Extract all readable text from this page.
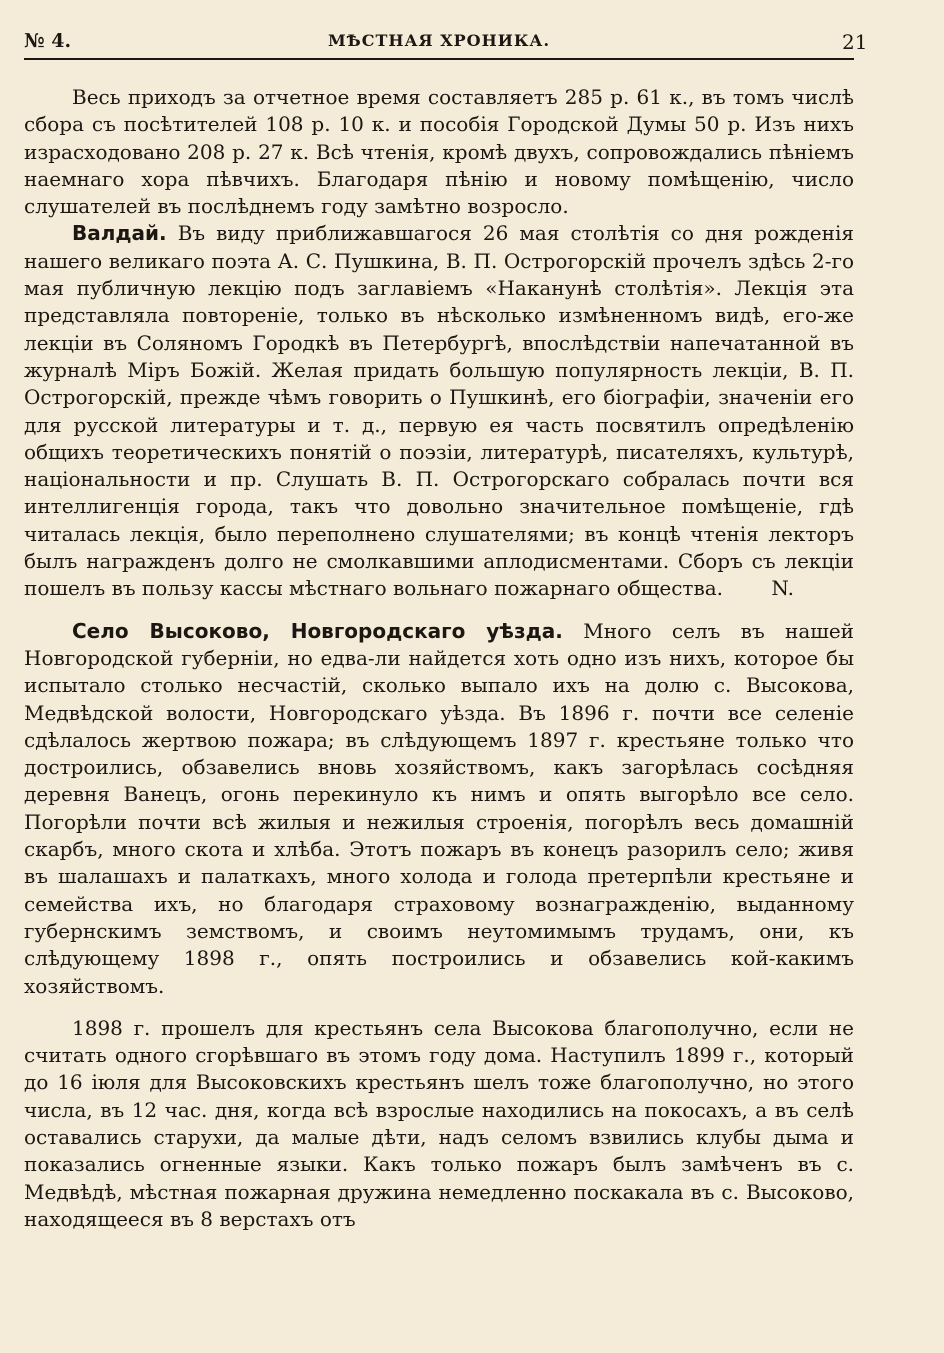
№ 4.	МѢСТНАЯ ХРОНИКА.	21

Весь приходъ за отчетное время составляетъ 285 р. 61 к., въ томъ числѣ сбора съ посѣтителей 108 р. 10 к. и пособія Городской Думы 50 р. Изъ нихъ израсходовано 208 р. 27 к. Всѣ чтенія, кромѣ двухъ, сопровождались пѣніемъ наемнаго хора пѣвчихъ. Благодаря пѣнію и новому помѣщенію, число слушателей въ послѣднемъ году замѣтно возросло.

Валдай. Въ виду приближавшагося 26 мая столѣтія со дня рожденія нашего великаго поэта А. С. Пушкина, В. П. Острогорскій прочелъ здѣсь 2-го мая публичную лекцію подъ заглавіемъ «Наканунѣ столѣтія». Лекція эта представляла повтореніе, только въ нѣсколько измѣненномъ видѣ, его-же лекціи въ Соляномъ Городкѣ въ Петербургѣ, впослѣдствіи напечатанной въ журналѣ Міръ Божій. Желая придать большую популярность лекціи, В. П. Острогорскій, прежде чѣмъ говорить о Пушкинѣ, его біографіи, значеніи его для русской литературы и т. д., первую ея часть посвятилъ опредѣленію общихъ теоретическихъ понятій о поэзіи, литературѣ, писателяхъ, культурѣ, національности и пр. Слушать В. П. Острогорскаго собралась почти вся интеллигенція города, такъ что довольно значительное помѣщеніе, гдѣ читалась лекція, было переполнено слушателями; въ концѣ чтенія лекторъ былъ награжденъ долго не смолкавшими аплодисментами. Сборъ съ лекціи пошелъ въ пользу кассы мѣстнаго вольнаго пожарнаго общества.	N.

Село Высоково, Новгородскаго уѣзда. Много селъ въ нашей Новгородской губерніи, но едва-ли найдется хоть одно изъ нихъ, которое бы испытало столько несчастій, сколько выпало ихъ на долю с. Высокова, Медвѣдской волости, Новгородскаго уѣзда. Въ 1896 г. почти все селеніе сдѣлалось жертвою пожара; въ слѣдующемъ 1897 г. крестьяне только что достроились, обзавелись вновь хозяйствомъ, какъ загорѣлась сосѣдняя деревня Ванецъ, огонь перекинуло къ нимъ и опять выгорѣло все село. Погорѣли почти всѣ жилыя и нежилыя строенія, погорѣлъ весь домашній скарбъ, много скота и хлѣба. Этотъ пожаръ въ конецъ разорилъ село; живя въ шалашахъ и палаткахъ, много холода и голода претерпѣли крестьяне и семейства ихъ, но благодаря страховому вознагражденію, выданному губернскимъ земствомъ, и своимъ неутомимымъ трудамъ, они, къ слѣдующему 1898 г., опять построились и обзавелись кой-какимъ хозяйствомъ.

1898 г. прошелъ для крестьянъ села Высокова благополучно, если не считать одного сгорѣвшаго въ этомъ году дома. Наступилъ 1899 г., который до 16 іюля для Высоковскихъ крестьянъ шелъ тоже благополучно, но этого числа, въ 12 час. дня, когда всѣ взрослые находились на покосахъ, а въ селѣ оставались старухи, да малые дѣти, надъ селомъ взвились клубы дыма и показались огненные языки. Какъ только пожаръ былъ замѣченъ въ с. Медвѣдѣ, мѣстная пожарная дружина немедленно поскакала въ с. Высоково, находящееся въ 8 верстахъ отъ
